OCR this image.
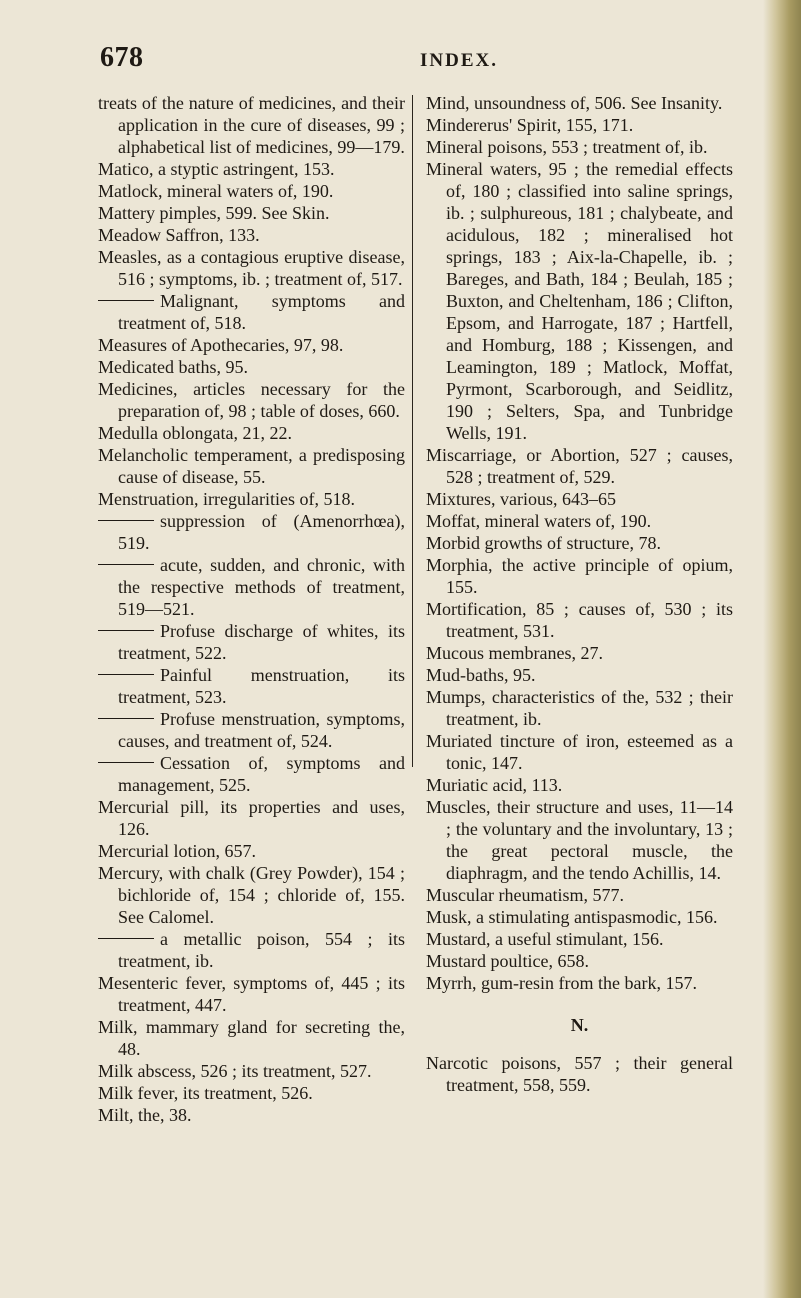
678	INDEX.

treats of the nature of medicines, and their application in the cure of diseases, 99 ; alphabetical list of medicines, 99—179.

Matico, a styptic astringent, 153.

Matlock, mineral waters of, 190.

Mattery pimples, 599. See Skin.

Meadow Saffron, 133.

Measles, as a contagious eruptive disease, 516 ; symptoms, ib. ; treatment of, 517.

Malignant, symptoms and treatment of, 518.

Measures of Apothecaries, 97, 98.

Medicated baths, 95.

Medicines, articles necessary for the preparation of, 98 ; table of doses, 660.

Medulla oblongata, 21, 22.

Melancholic temperament, a predisposing cause of disease, 55.

Menstruation, irregularities of, 518.

suppression of (Amenorrhœa), 519.

acute, sudden, and chronic, with the respective methods of treatment, 519—521.

Profuse discharge of whites, its treatment, 522.

Painful menstruation, its treatment, 523.

Profuse menstruation, symptoms, causes, and treatment of, 524.

Cessation of, symptoms and management, 525.

Mercurial pill, its properties and uses, 126.

Mercurial lotion, 657.

Mercury, with chalk (Grey Powder), 154 ; bichloride of, 154 ; chloride of, 155. See Calomel.

a metallic poison, 554 ; its treatment, ib.

Mesenteric fever, symptoms of, 445 ; its treatment, 447.

Milk, mammary gland for secreting the, 48.

Milk abscess, 526 ; its treatment, 527.

Milk fever, its treatment, 526.

Milt, the, 38.

Mind, unsoundness of, 506. See Insanity.

Mindererus' Spirit, 155, 171.

Mineral poisons, 553 ; treatment of, ib.

Mineral waters, 95 ; the remedial effects of, 180 ; classified into saline springs, ib. ; sulphureous, 181 ; chalybeate, and acidulous, 182 ; mineralised hot springs, 183 ; Aix-la-Chapelle, ib. ; Bareges, and Bath, 184 ; Beulah, 185 ; Buxton, and Cheltenham, 186 ; Clifton, Epsom, and Harrogate, 187 ; Hartfell, and Homburg, 188 ; Kissengen, and Leamington, 189 ; Matlock, Moffat, Pyrmont, Scarborough, and Seidlitz, 190 ; Selters, Spa, and Tunbridge Wells, 191.

Miscarriage, or Abortion, 527 ; causes, 528 ; treatment of, 529.

Mixtures, various, 643–65

Moffat, mineral waters of, 190.

Morbid growths of structure, 78.

Morphia, the active principle of opium, 155.

Mortification, 85 ; causes of, 530 ; its treatment, 531.

Mucous membranes, 27.

Mud-baths, 95.

Mumps, characteristics of the, 532 ; their treatment, ib.

Muriated tincture of iron, esteemed as a tonic, 147.

Muriatic acid, 113.

Muscles, their structure and uses, 11—14 ; the voluntary and the involuntary, 13 ; the great pectoral muscle, the diaphragm, and the tendo Achillis, 14.

Muscular rheumatism, 577.

Musk, a stimulating antispasmodic, 156.

Mustard, a useful stimulant, 156.

Mustard poultice, 658.

Myrrh, gum-resin from the bark, 157.

N.

Narcotic poisons, 557 ; their general treatment, 558, 559.
